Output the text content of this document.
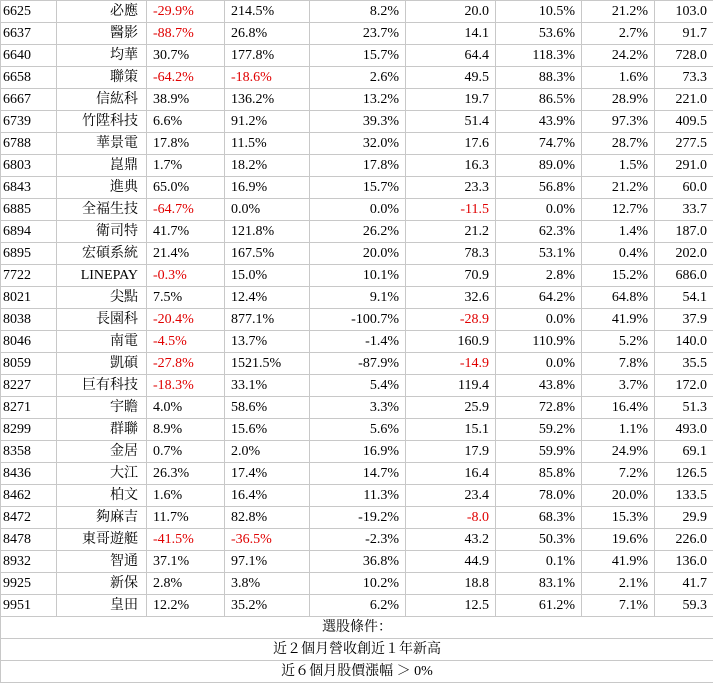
6625	必應	-29.9%	214.5%	8.2%	20.0	10.5%	21.2%	103.0
6637	醫影	-88.7%	26.8%	23.7%	14.1	53.6%	2.7%	91.7
6640	均華	30.7%	177.8%	15.7%	64.4	118.3%	24.2%	728.0
6658	聯策	-64.2%	-18.6%	2.6%	49.5	88.3%	1.6%	73.3
6667	信紘科	38.9%	136.2%	13.2%	19.7	86.5%	28.9%	221.0
6739	竹陞科技	6.6%	91.2%	39.3%	51.4	43.9%	97.3%	409.5
6788	華景電	17.8%	11.5%	32.0%	17.6	74.7%	28.7%	277.5
6803	崑鼎	1.7%	18.2%	17.8%	16.3	89.0%	1.5%	291.0
6843	進典	65.0%	16.9%	15.7%	23.3	56.8%	21.2%	60.0
6885	全福生技	-64.7%	0.0%	0.0%	-11.5	0.0%	12.7%	33.7
6894	衛司特	41.7%	121.8%	26.2%	21.2	62.3%	1.4%	187.0
6895	宏碩系統	21.4%	167.5%	20.0%	78.3	53.1%	0.4%	202.0
7722	LINEPAY	-0.3%	15.0%	10.1%	70.9	2.8%	15.2%	686.0
8021	尖點	7.5%	12.4%	9.1%	32.6	64.2%	64.8%	54.1
8038	長園科	-20.4%	877.1%	-100.7%	-28.9	0.0%	41.9%	37.9
8046	南電	-4.5%	13.7%	-1.4%	160.9	110.9%	5.2%	140.0
8059	凱碩	-27.8%	1521.5%	-87.9%	-14.9	0.0%	7.8%	35.5
8227	巨有科技	-18.3%	33.1%	5.4%	119.4	43.8%	3.7%	172.0
8271	宇瞻	4.0%	58.6%	3.3%	25.9	72.8%	16.4%	51.3
8299	群聯	8.9%	15.6%	5.6%	15.1	59.2%	1.1%	493.0
8358	金居	0.7%	2.0%	16.9%	17.9	59.9%	24.9%	69.1
8436	大江	26.3%	17.4%	14.7%	16.4	85.8%	7.2%	126.5
8462	柏文	1.6%	16.4%	11.3%	23.4	78.0%	20.0%	133.5
8472	夠麻吉	11.7%	82.8%	-19.2%	-8.0	68.3%	15.3%	29.9
8478	東哥遊艇	-41.5%	-36.5%	-2.3%	43.2	50.3%	19.6%	226.0
8932	智通	37.1%	97.1%	36.8%	44.9	0.1%	41.9%	136.0
9925	新保	2.8%	3.8%	10.2%	18.8	83.1%	2.1%	41.7
9951	皇田	12.2%	35.2%	6.2%	12.5	61.2%	7.1%	59.3
選股條件：								
近２個月營收創近１年新高								
近６個月股價漲幅 ＞ 0%								
